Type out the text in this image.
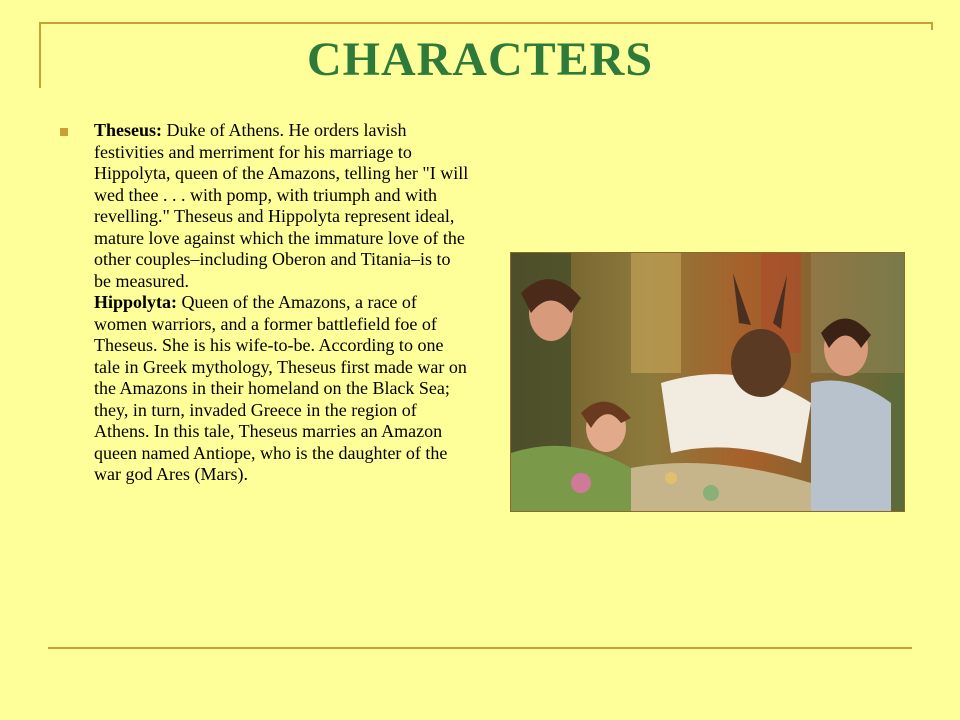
CHARACTERS
Theseus: Duke of Athens. He orders lavish festivities and merriment for his marriage to Hippolyta, queen of the Amazons, telling her "I will wed thee . . . with pomp, with triumph and with revelling." Theseus and Hippolyta represent ideal, mature love against which the immature love of the other couples–including Oberon and Titania–is to be measured.
Hippolyta: Queen of the Amazons, a race of women warriors, and a former battlefield foe of Theseus. She is his wife-to-be. According to one tale in Greek mythology, Theseus first made war on the Amazons in their homeland on the Black Sea; they, in turn, invaded Greece in the region of Athens. In this tale, Theseus marries an Amazon queen named Antiope, who is the daughter of the war god Ares (Mars).
